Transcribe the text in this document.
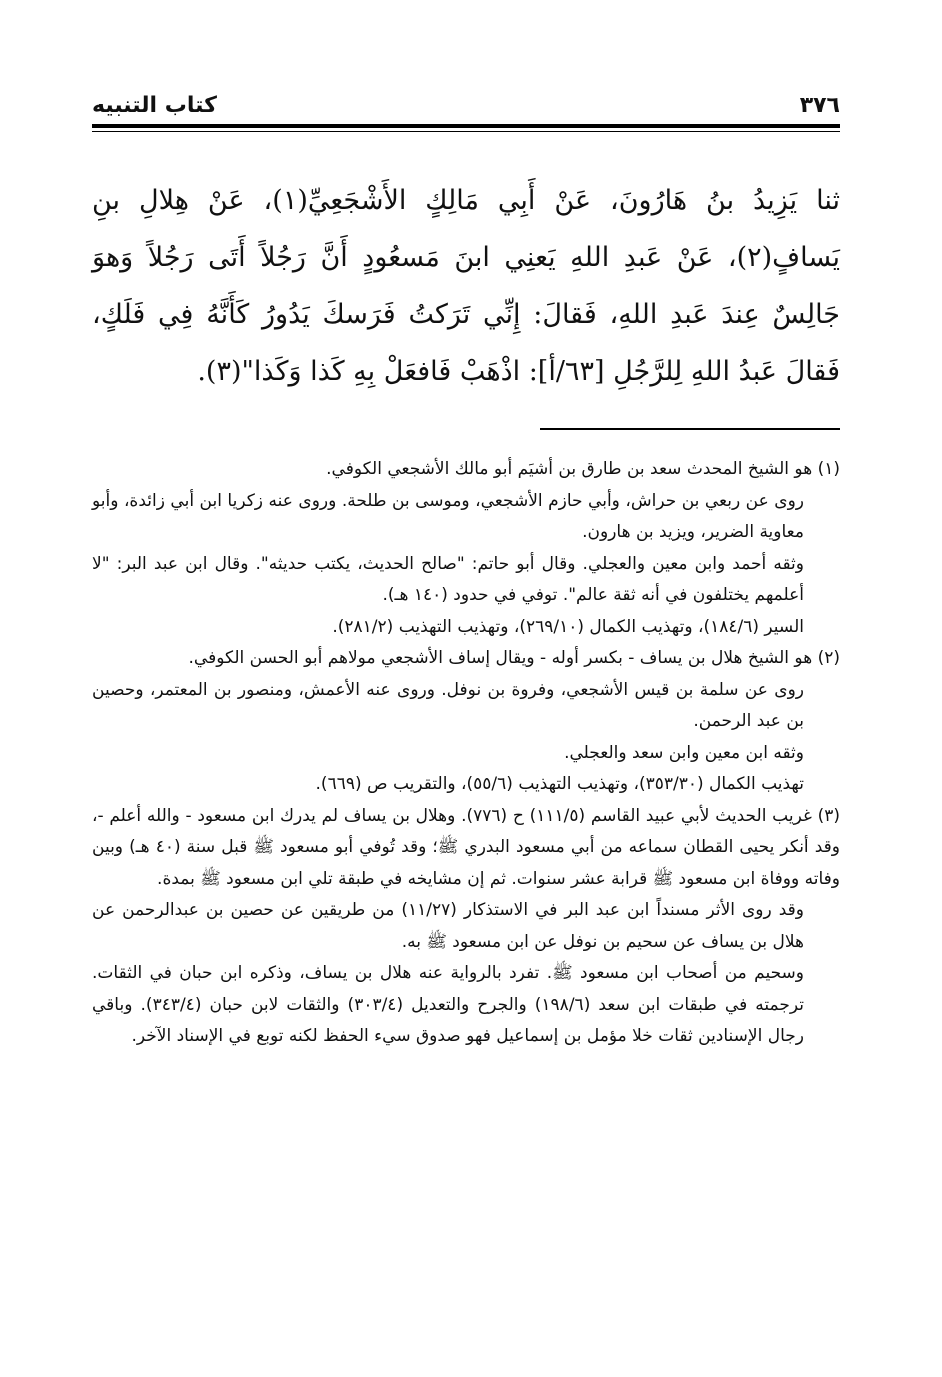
٣٧٦
كتاب التنبيه

ثنا يَزِيدُ بنُ هَارُونَ، عَنْ أَبِي مَالِكٍ الأَشْجَعِيِّ(١)، عَنْ هِلالِ بنِ يَسافٍ(٢)، عَنْ عَبدِ اللهِ يَعنِي ابنَ مَسعُودٍ أَنَّ رَجُلاً أَتَى رَجُلاً وَهوَ جَالِسٌ عِندَ عَبدِ اللهِ، فَقالَ: إِنِّي تَرَكتُ فَرَسكَ يَدُورُ كَأَنَّهُ فِي فَلَكٍ، فَقالَ عَبدُ اللهِ لِلرَّجُلِ [٦٣/أ]: اذْهَبْ فَافعَلْ بِهِ كَذا وَكَذا"(٣).

(١) هو الشيخ المحدث سعد بن طارق بن أشيَم أبو مالك الأشجعي الكوفي.

روى عن ربعي بن حراش، وأبي حازم الأشجعي، وموسى بن طلحة. وروى عنه زكريا ابن أبي زائدة، وأبو معاوية الضرير، ويزيد بن هارون.

وثقه أحمد وابن معين والعجلي. وقال أبو حاتم: "صالح الحديث، يكتب حديثه". وقال ابن عبد البر: "لا أعلمهم يختلفون في أنه ثقة عالم". توفي في حدود (١٤٠ هـ).

السير (١٨٤/٦)، وتهذيب الكمال (٢٦٩/١٠)، وتهذيب التهذيب (٢٨١/٢).

(٢) هو الشيخ هلال بن يساف - بكسر أوله - ويقال إساف الأشجعي مولاهم أبو الحسن الكوفي.

روى عن سلمة بن قيس الأشجعي، وفروة بن نوفل. وروى عنه الأعمش، ومنصور بن المعتمر، وحصين بن عبد الرحمن.

وثقه ابن معين وابن سعد والعجلي.

تهذيب الكمال (٣٥٣/٣٠)، وتهذيب التهذيب (٥٥/٦)، والتقريب ص (٦٦٩).

(٣) غريب الحديث لأبي عبيد القاسم (١١١/٥) ح (٧٧٦). وهلال بن يساف لم يدرك ابن مسعود - والله أعلم -، وقد أنكر يحيى القطان سماعه من أبي مسعود البدري ﷺ؛ وقد تُوفي أبو مسعود ﷺ قبل سنة (٤٠ هـ) وبين وفاته ووفاة ابن مسعود ﷺ قرابة عشر سنوات. ثم إن مشايخه في طبقة تلي ابن مسعود ﷺ بمدة.

وقد روى الأثر مسنداً ابن عبد البر في الاستذكار (١١/٢٧) من طريقين عن حصين بن عبدالرحمن عن هلال بن يساف عن سحيم بن نوفل عن ابن مسعود ﷺ به.

وسحيم من أصحاب ابن مسعود ﷺ. تفرد بالرواية عنه هلال بن يساف، وذكره ابن حبان في الثقات. ترجمته في طبقات ابن سعد (١٩٨/٦) والجرح والتعديل (٣٠٣/٤) والثقات لابن حبان (٣٤٣/٤). وباقي رجال الإسنادين ثقات خلا مؤمل بن إسماعيل فهو صدوق سيء الحفظ لكنه توبع في الإسناد الآخر.
